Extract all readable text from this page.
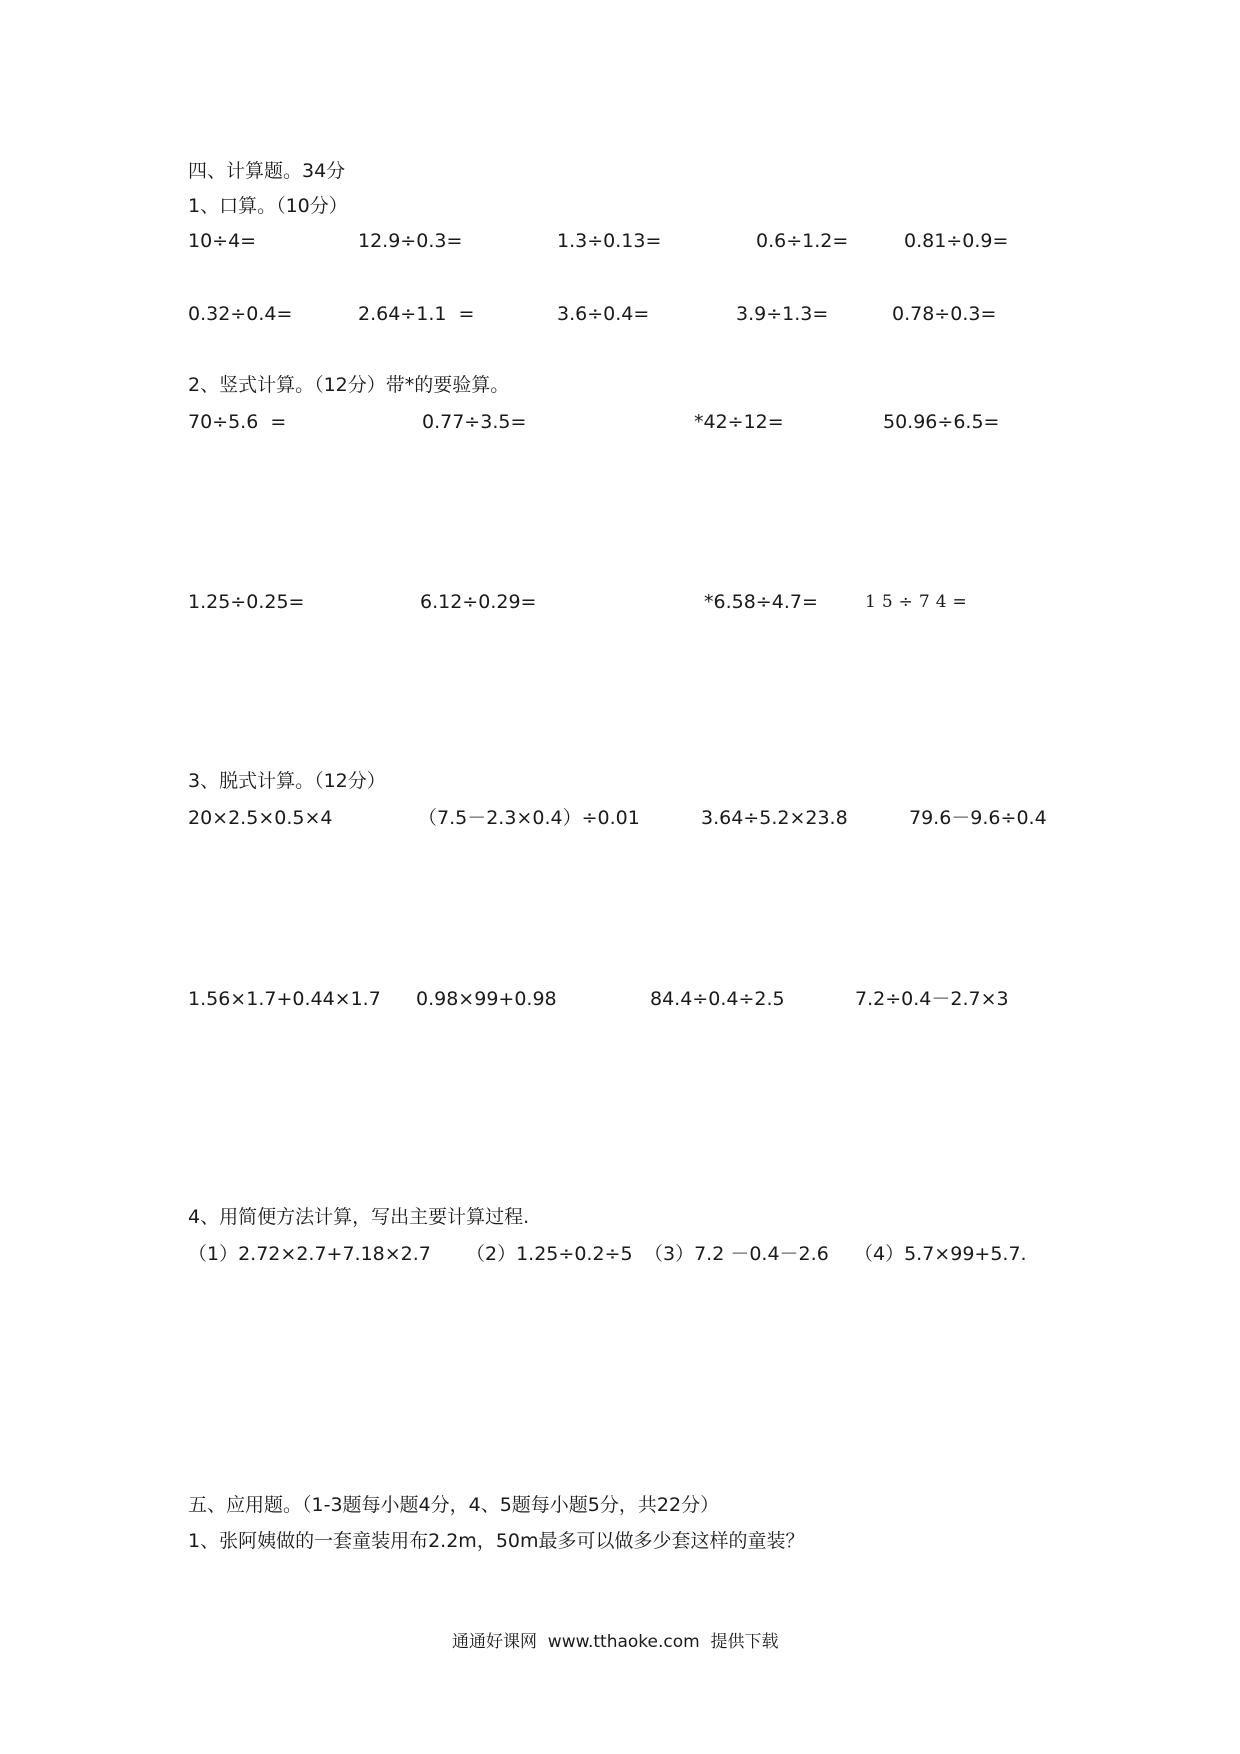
四、计算题。34分
1、口算。（10分）
10÷4=	12.9÷0.3=	1.3÷0.13=	0.6÷1.2=	0.81÷0.9=
0.32÷0.4=	2.64÷1.1  =	3.6÷0.4=	3.9÷1.3=	0.78÷0.3=
2、竖式计算。（12分）带*的要验算。
70÷5.6  =	0.77÷3.5=	*42÷12=	50.96÷6.5=
1.25÷0.25=	6.12÷0.29=	*6.58÷4.7=	15÷74=
3、脱式计算。（12分）
20×2.5×0.5×4	（7.5－2.3×0.4）÷0.01	3.64÷5.2×23.8	79.6－9.6÷0.4
1.56×1.7+0.44×1.7 0.98×99+0.98	84.4÷0.4÷2.5	7.2÷0.4－2.7×3
4、用简便方法计算，写出主要计算过程.
（1）2.72×2.7+7.18×2.7 （2）1.25÷0.2÷5 （3）7.2 －0.4－2.6 （4）5.7×99+5.7.
五、应用题。（1-3题每小题4分，4、5题每小题5分，共22分）
1、张阿姨做的一套童装用布2.2m，50m最多可以做多少套这样的童装？
通通好课网  www.tthaoke.com  提供下载
